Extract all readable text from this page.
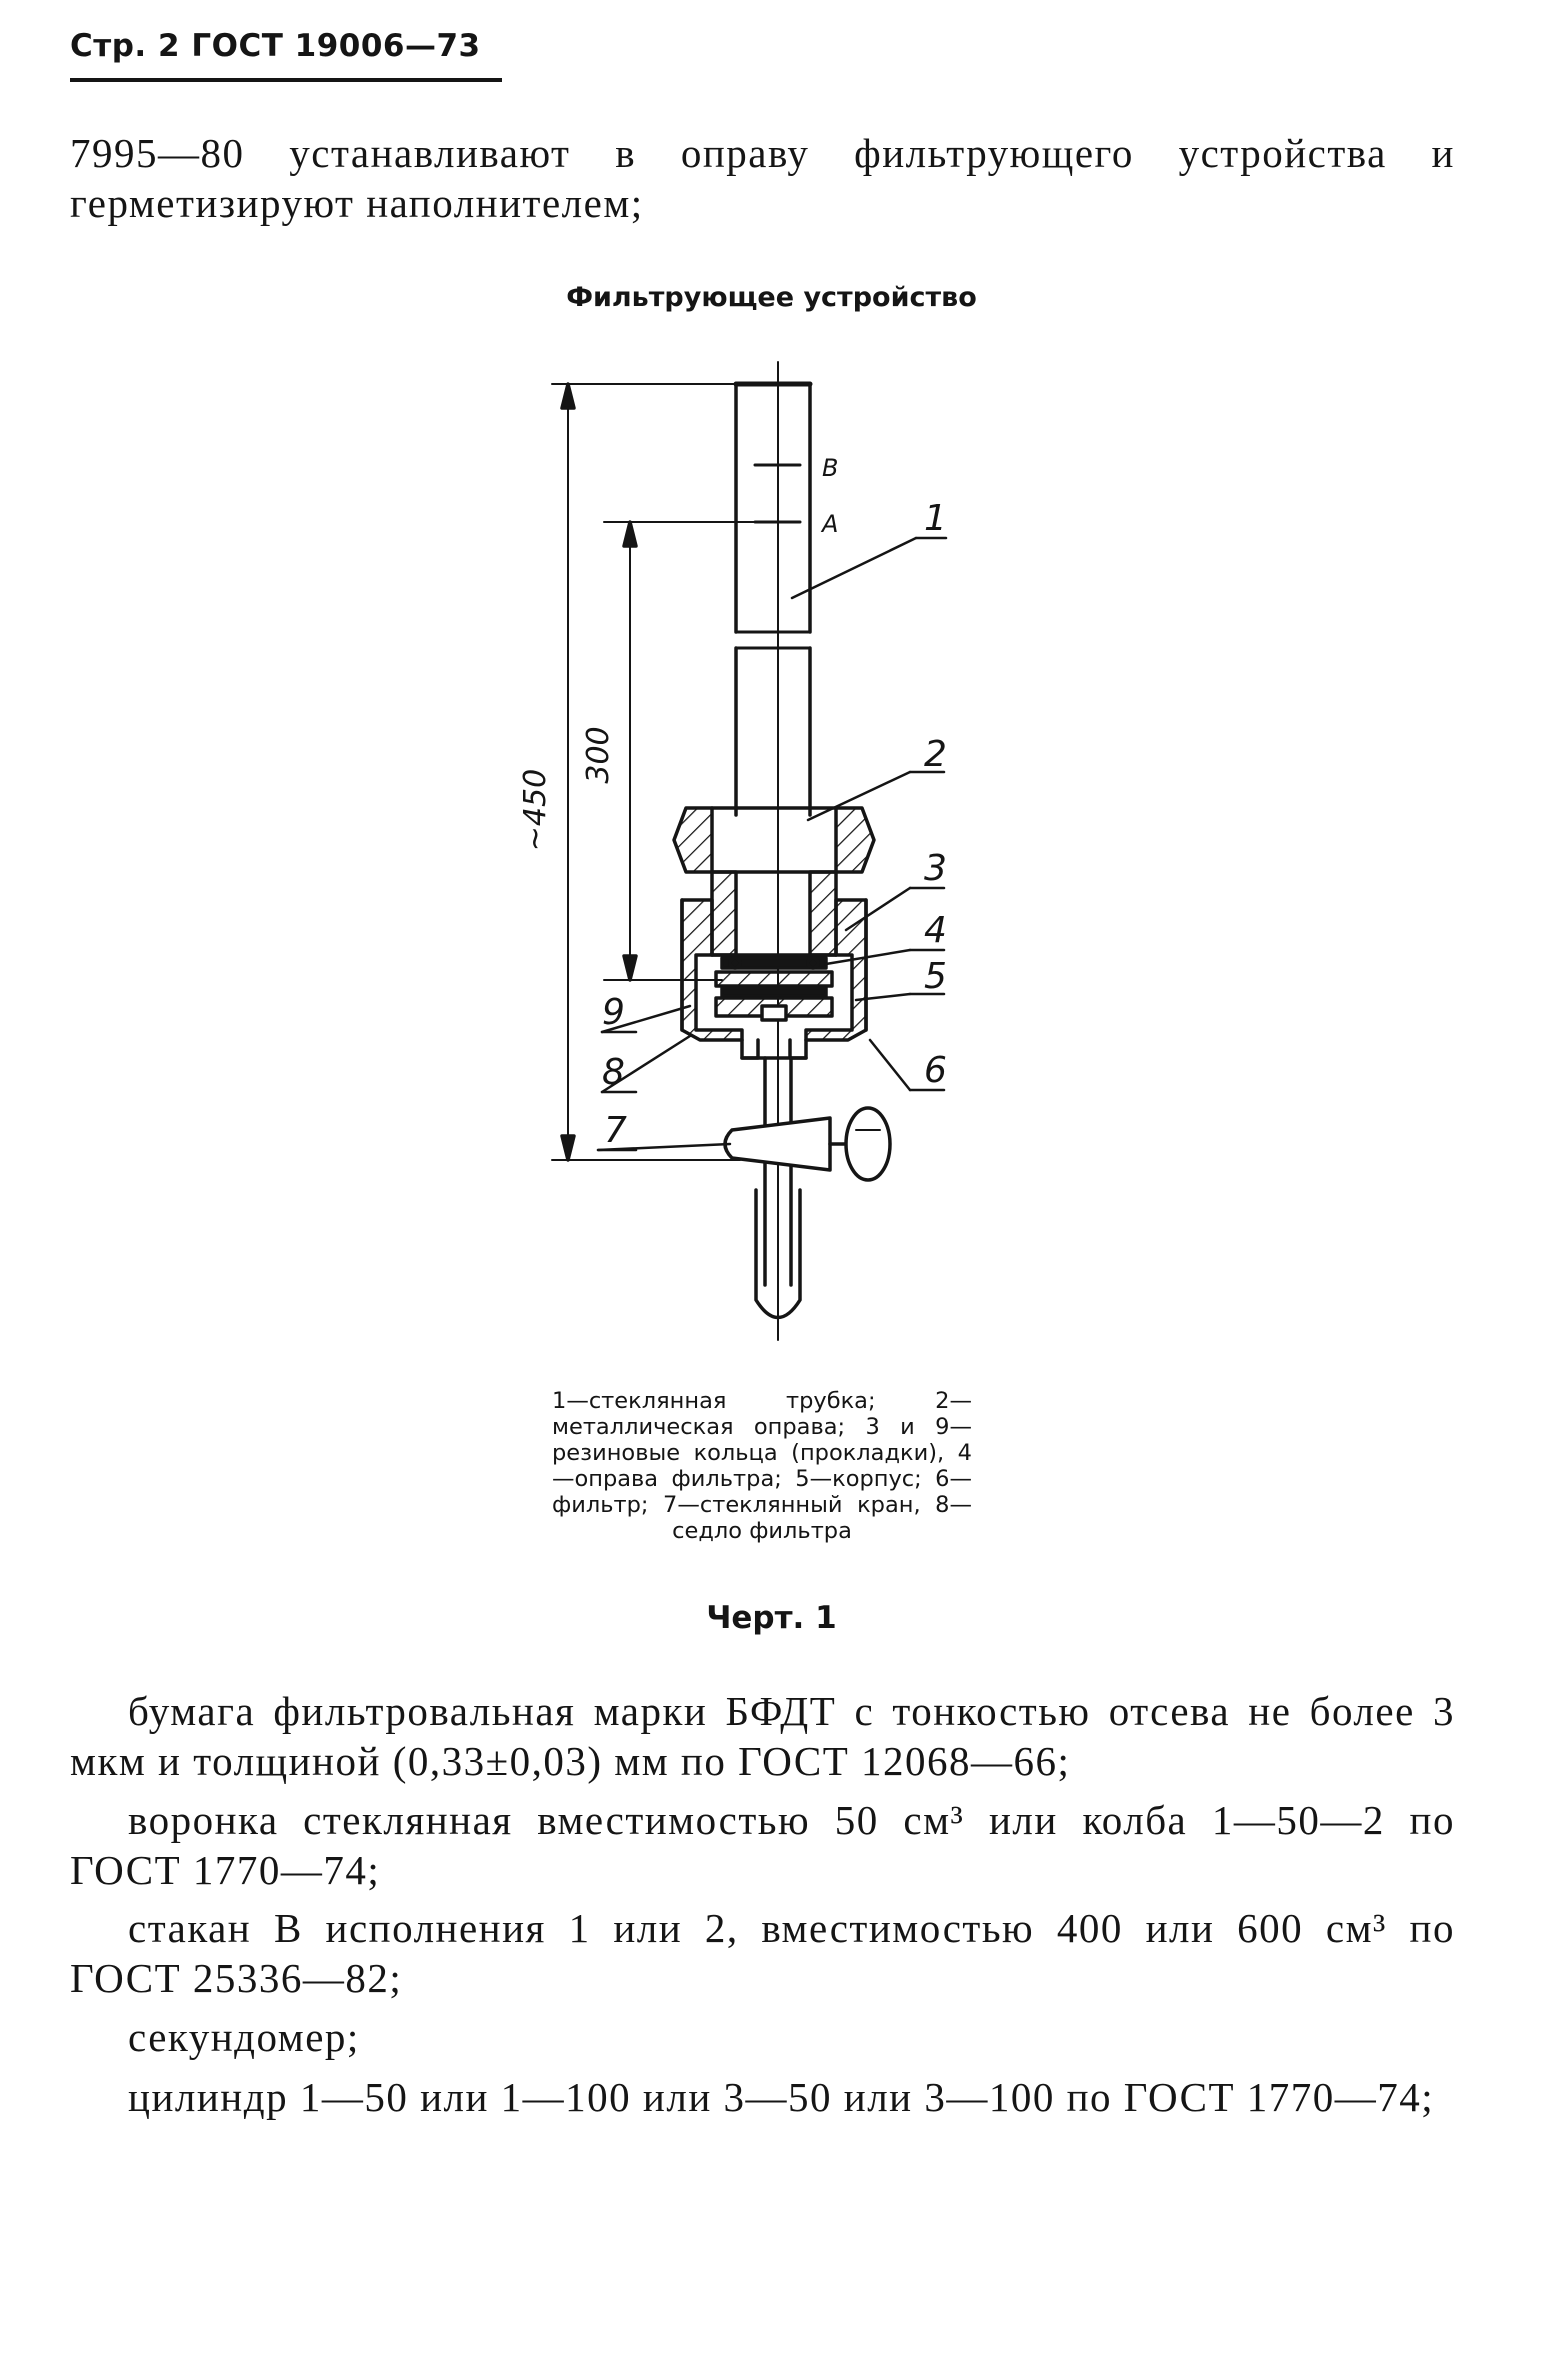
Стр. 2 ГОСТ 19006—73
7995—80 устанавливают в оправу фильтрующего устройства и герметизируют наполнителем;
Фильтрующее устройство
~450
300
В
А 1
2
3
4
5
6
9
8
7
1—стеклянная трубка; 2—металлическая оправа; 3 и 9—резиновые кольца (прокладки), 4—оправа фильтра; 5—корпус; 6—фильтр; 7—стеклянный кран, 8—седло фильтра
Черт. 1
бумага фильтровальная марки БФДТ с тонкостью отсева не более 3 мкм и толщиной (0,33±0,03) мм по ГОСТ 12068—66;
воронка стеклянная вместимостью 50 см³ или колба 1—50—2 по ГОСТ 1770—74;
стакан В исполнения 1 или 2, вместимостью 400 или 600 см³ по ГОСТ 25336—82;
секундомер;
цилиндр 1—50 или 1—100 или 3—50 или 3—100 по ГОСТ 1770—74;
